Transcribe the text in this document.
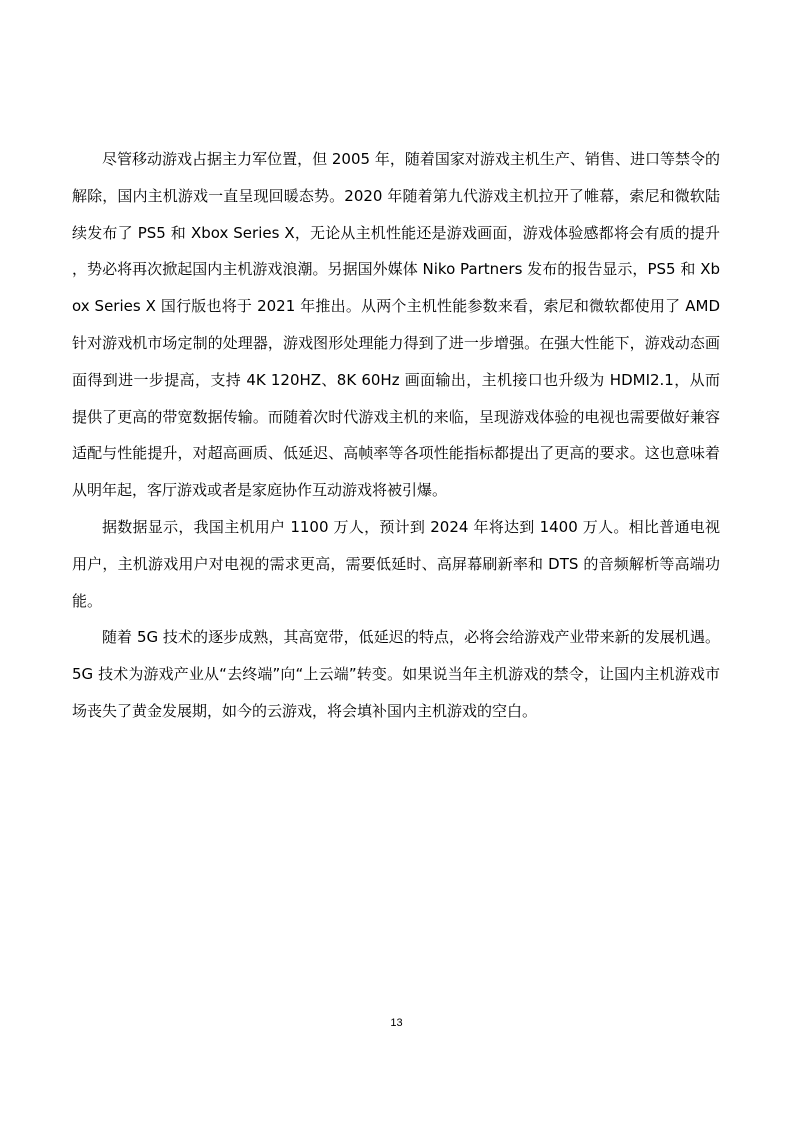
尽管移动游戏占据主力军位置，但 2005 年，随着国家对游戏主机生产、销售、进口等禁令的解除，国内主机游戏一直呈现回暖态势。2020 年随着第九代游戏主机拉开了帷幕，索尼和微软陆续发布了 PS5 和 Xbox Series X，无论从主机性能还是游戏画面，游戏体验感都将会有质的提升，势必将再次掀起国内主机游戏浪潮。另据国外媒体 Niko Partners 发布的报告显示，PS5 和 Xbox Series X 国行版也将于 2021 年推出。从两个主机性能参数来看，索尼和微软都使用了 AMD 针对游戏机市场定制的处理器，游戏图形处理能力得到了进一步增强。在强大性能下，游戏动态画面得到进一步提高，支持 4K 120HZ、8K 60Hz 画面输出，主机接口也升级为 HDMI2.1，从而提供了更高的带宽数据传输。而随着次时代游戏主机的来临，呈现游戏体验的电视也需要做好兼容适配与性能提升，对超高画质、低延迟、高帧率等各项性能指标都提出了更高的要求。这也意味着从明年起，客厅游戏或者是家庭协作互动游戏将被引爆。

据数据显示，我国主机用户 1100 万人，预计到 2024 年将达到 1400 万人。相比普通电视用户，主机游戏用户对电视的需求更高，需要低延时、高屏幕刷新率和 DTS 的音频解析等高端功能。

随着 5G 技术的逐步成熟，其高宽带，低延迟的特点，必将会给游戏产业带来新的发展机遇。5G 技术为游戏产业从“去终端”向“上云端”转变。如果说当年主机游戏的禁令，让国内主机游戏市场丧失了黄金发展期，如今的云游戏，将会填补国内主机游戏的空白。

13
